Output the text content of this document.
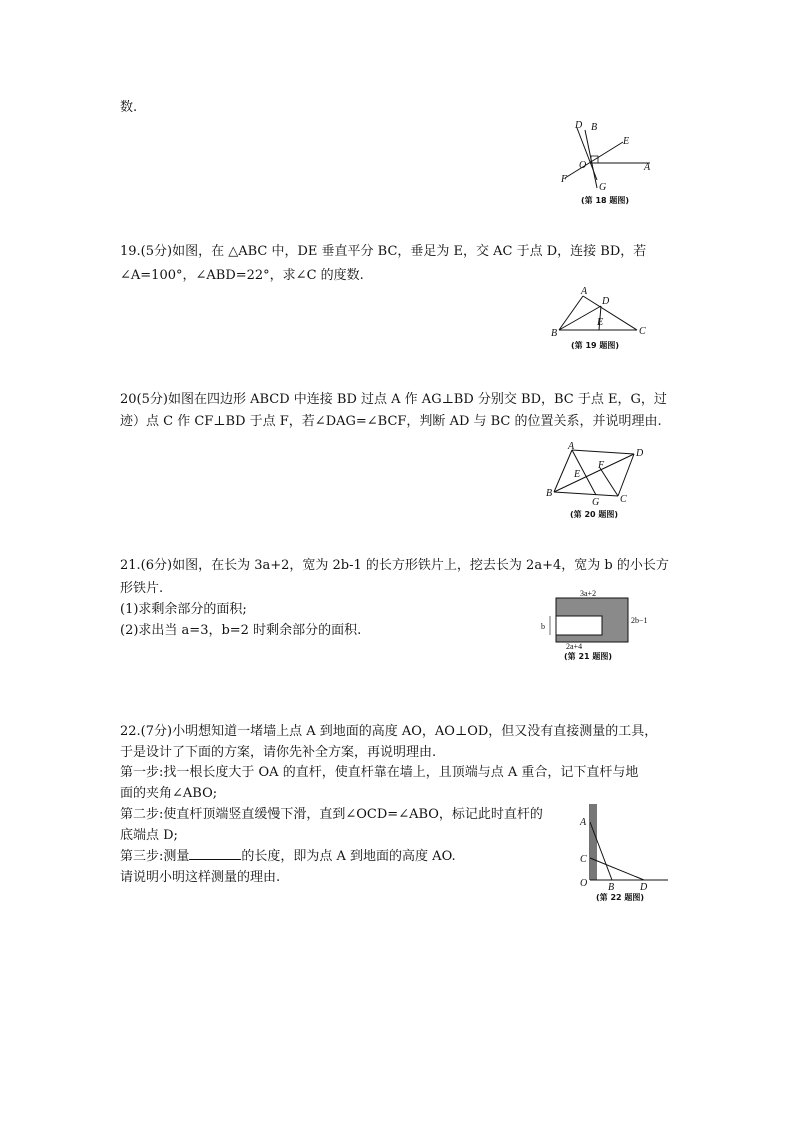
数.
D B
E
O	A
F
G
(第 18 题图)
19.(5分)如图，在 △ABC 中，DE 垂直平分 BC，垂足为 E，交 AC 于点 D，连接 BD，若
∠A=100°，∠ABD=22°，求∠C 的度数.
A
D
B
E
C
(第 19 题图)
20(5分)如图在四边形 ABCD 中连接 BD 过点 A 作 AG⊥BD 分别交 BD，BC 于点 E，G，过
迹）点 C 作 CF⊥BD 于点 F，若∠DAG=∠BCF，判断 AD 与 BC 的位置关系，并说明理由.
A
D
E
F
B
G C
(第 20 题图)
21.(6分)如图，在长为 3a+2，宽为 2b-1 的长方形铁片上，挖去长为 2a+4，宽为 b 的小长方
形铁片.
(1)求剩余部分的面积;
(2)求出当 a=3，b=2 时剩余部分的面积.
3a+2
2b−1
b
2a+4
(第 21 题图)
22.(7分)小明想知道一堵墙上点 A 到地面的高度 AO，AO⊥OD，但又没有直接测量的工具，
于是设计了下面的方案，请你先补全方案，再说明理由.
第一步:找一根长度大于 OA 的直杆，使直杆靠在墙上，且顶端与点 A 重合，记下直杆与地
面的夹角∠ABO;
第二步:使直杆顶端竖直缓慢下滑，直到∠OCD=∠ABO，标记此时直杆的
底端点 D;
第三步:测量	的长度，即为点 A 到地面的高度 AO.
请说明小明这样测量的理由.
A
C
O B	D
(第 22 题图)
